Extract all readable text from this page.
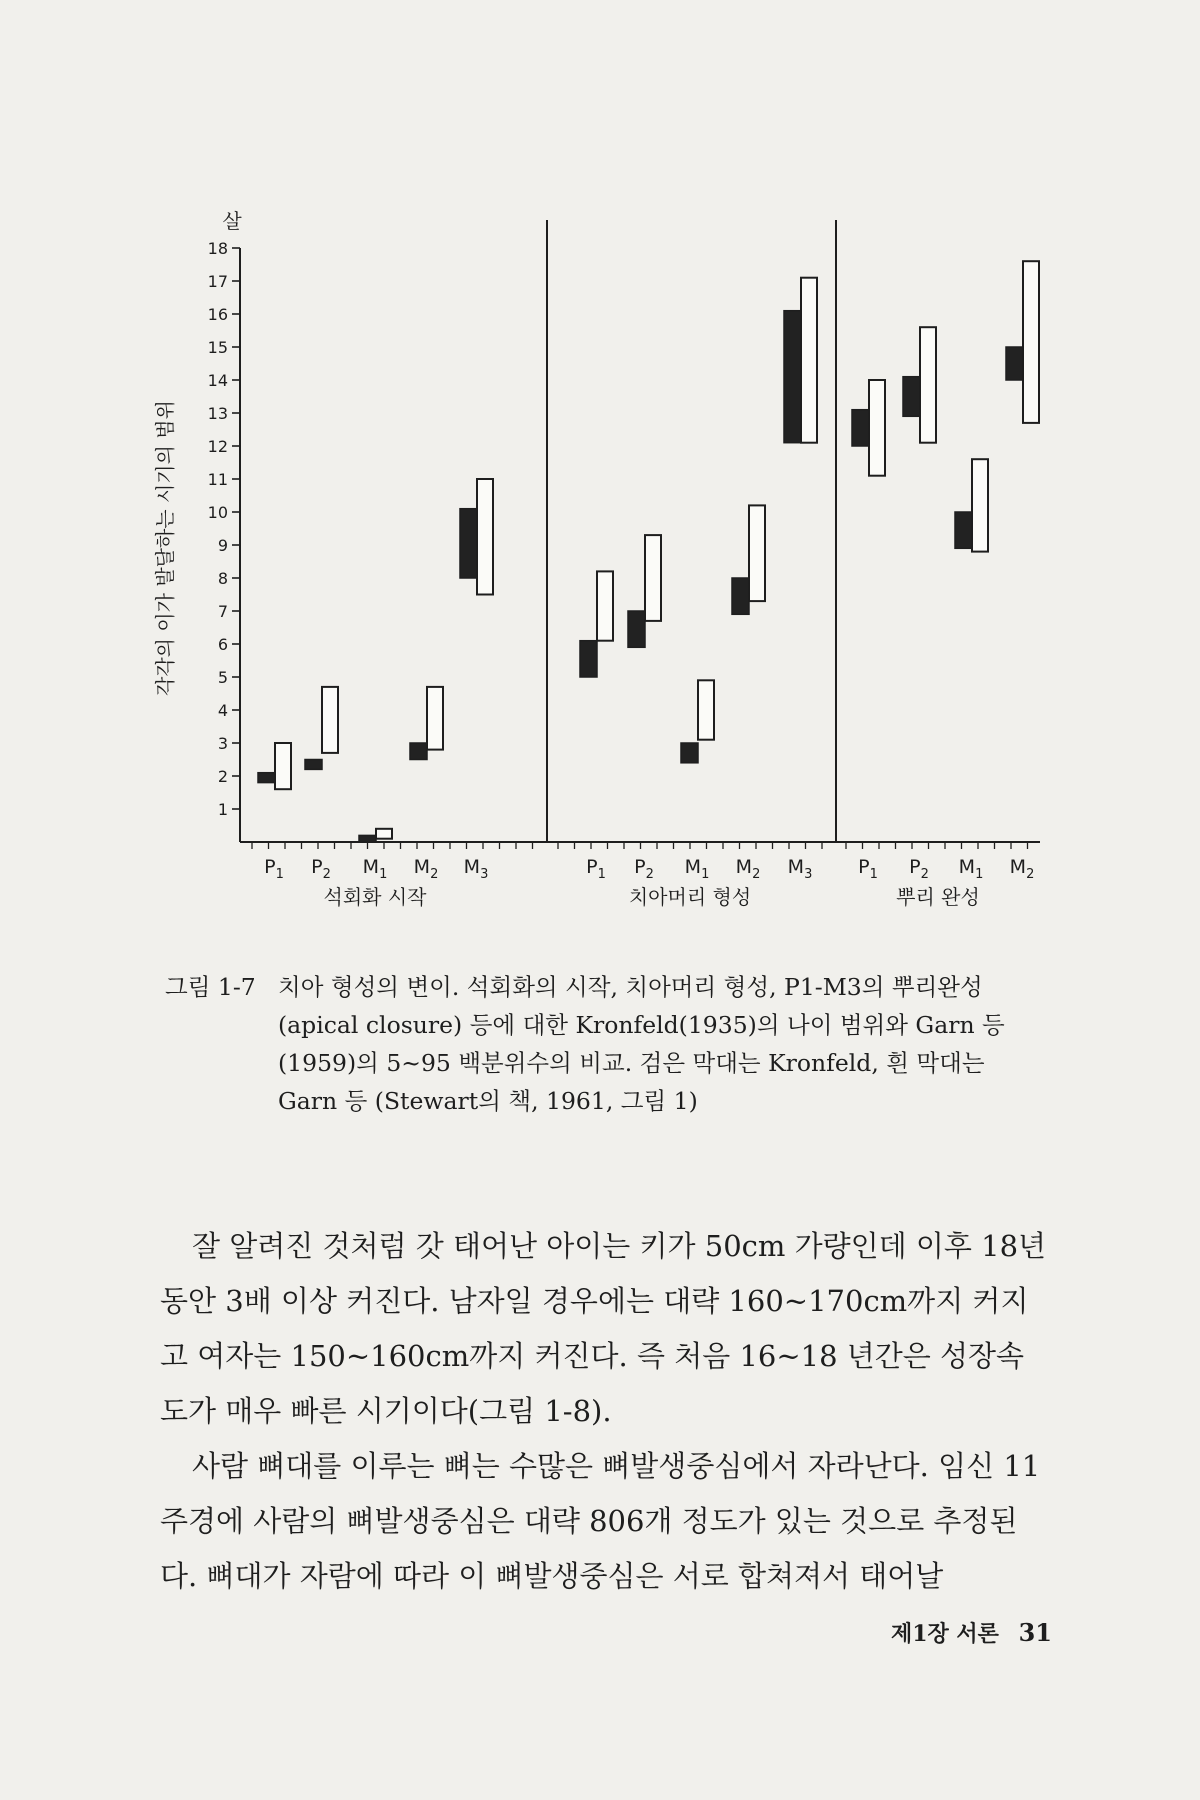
1
2
3
4
5
6
7
8
9
10
11
12
13
14
15
16
17
18
살
각각의 이가 발달하는 시기의 범위
$P_1$ $P_2$ $M_1$ $M_2$ $M_3$
석회화 시작
$P_1$ $P_2$ $M_1$ $M_2$ $M_3$
치아머리 형성
$P_1$ $P_2$ $M_1$ $M_2$
뿌리 완성
그림 1-7 치아 형성의 변이. 석회화의 시작, 치아머리 형성, P1-M3의 뿌리완성 (apical closure) 등에 대한 Kronfeld(1935)의 나이 범위와 Garn 등 (1959)의 5~95 백분위수의 비교. 검은 막대는 Kronfeld, 흰 막대는 Garn 등 (Stewart의 책, 1961, 그림 1)

잘 알려진 것처럼 갓 태어난 아이는 키가 50cm 가량인데 이후 18년 동안 3배 이상 커진다. 남자일 경우에는 대략 160~170cm까지 커지고 여자는 150~160cm까지 커진다. 즉 처음 16~18 년간은 성장속도가 매우 빠른 시기이다(그림 1-8).

사람 뼈대를 이루는 뼈는 수많은 뼈발생중심에서 자라난다. 임신 11주경에 사람의 뼈발생중심은 대략 806개 정도가 있는 것으로 추정된다. 뼈대가 자람에 따라 이 뼈발생중심은 서로 합쳐져서 태어날

제1장 서론 31
